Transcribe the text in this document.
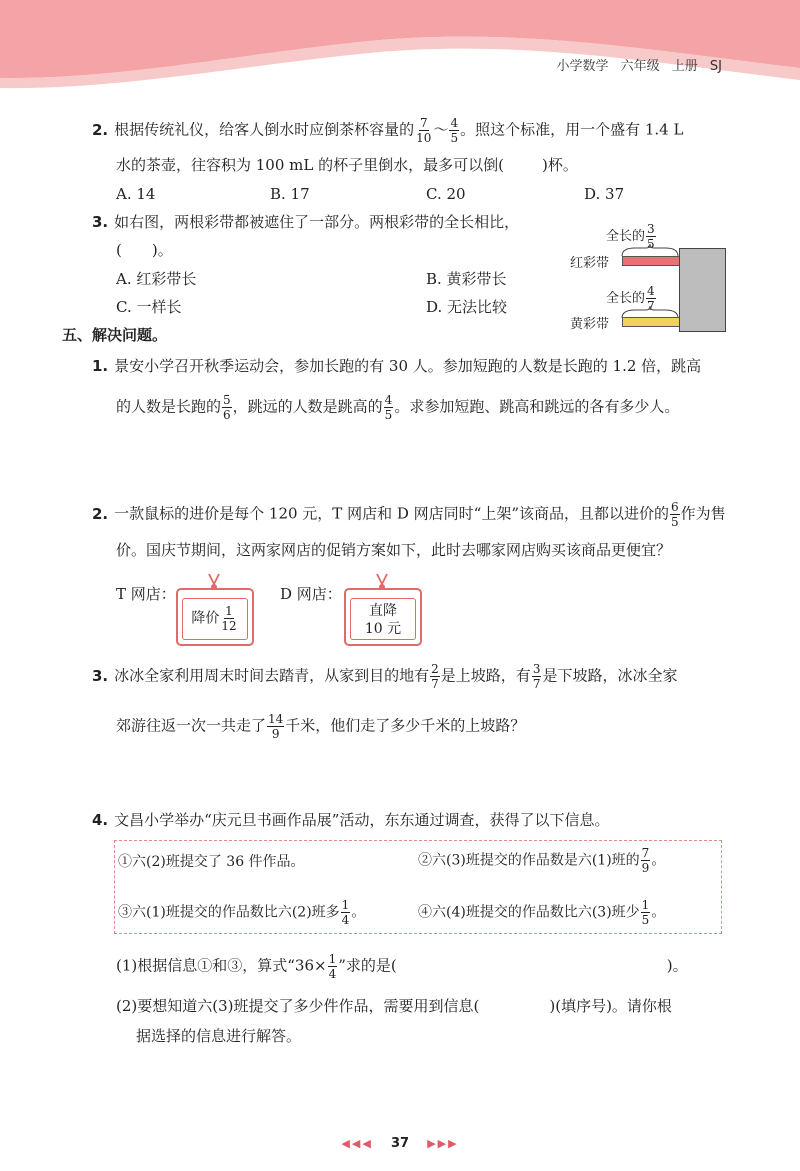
小学数学 六年级 上册 SJ
2. 根据传统礼仪，给客人倒水时应倒茶杯容量的 $\frac{7}{10}$ ～ $\frac{4}{5}$ 。照这个标准，用一个盛有 1.4 L
水的茶壶，往容积为 100 mL 的杯子里倒水，最多可以倒(	)杯。
A. 14	B. 17	C. 20	D. 37
3. 如右图，两根彩带都被遮住了一部分。两根彩带的全长相比，
(　　)。
A. 红彩带长	B. 黄彩带长
C. 一样长	D. 无法比较
全长的 $\frac{3}{5}$
红彩带
全长的 $\frac{4}{7}$
黄彩带
五、解决问题。
1. 景安小学召开秋季运动会，参加长跑的有 30 人。参加短跑的人数是长跑的 1.2 倍，跳高
的人数是长跑的 $\frac{5}{6}$ ，跳远的人数是跳高的 $\frac{4}{5}$ 。求参加短跑、跳高和跳远的各有多少人。
2. 一款鼠标的进价是每个 120 元，T 网店和 D 网店同时“上架”该商品，且都以进价的 $\frac{6}{5}$ 作为售
价。国庆节期间，这两家网店的促销方案如下，此时去哪家网店购买该商品更便宜？
T 网店：	D 网店：
降价 $\frac{1}{12}$	直降
10 元
3. 冰冰全家利用周末时间去踏青，从家到目的地有 $\frac{2}{7}$ 是上坡路，有 $\frac{3}{7}$ 是下坡路，冰冰全家
郊游往返一次一共走了 $\frac{14}{9}$ 千米，他们走了多少千米的上坡路？
4. 文昌小学举办“庆元旦书画作品展”活动，东东通过调查，获得了以下信息。
①六(2)班提交了 36 件作品。	②六(3)班提交的作品数是六(1)班的 $\frac{7}{9}$ 。
③六(1)班提交的作品数比六(2)班多 $\frac{1}{4}$ 。	④六(4)班提交的作品数比六(3)班少 $\frac{1}{5}$ 。
(1)根据信息①和③，算式“$36\times \frac{1}{4}$ ”求的是(	)。
(2)要想知道六(3)班提交了多少件作品，需要用到信息(	)(填序号)。请你根
据选择的信息进行解答。
◀◀◀ 37 ▶▶▶
